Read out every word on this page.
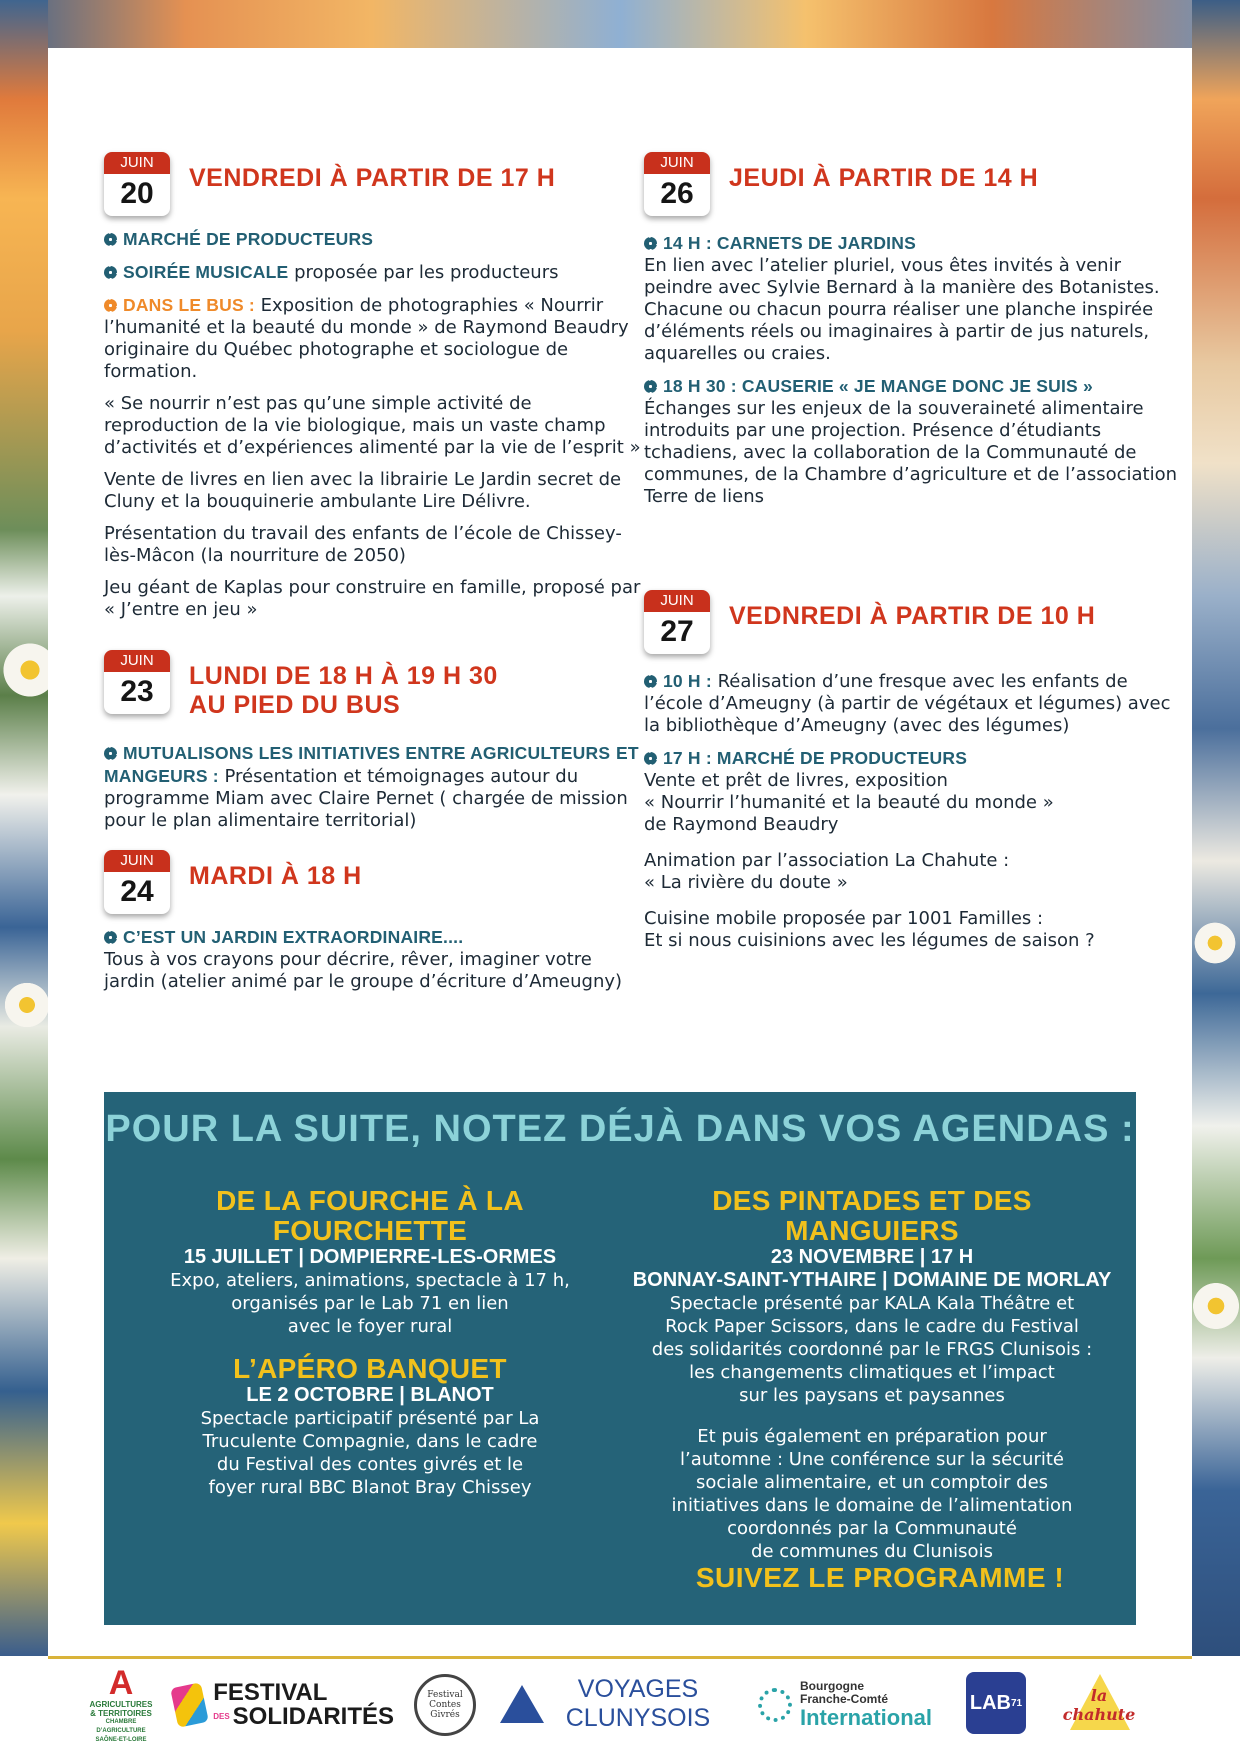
JUIN
20	VENDREDI À PARTIR DE 17 H

MARCHÉ DE PRODUCTEURS

SOIRÉE MUSICALE proposée par les producteurs

DANS LE BUS : Exposition de photographies « Nourrir l’humanité et la beauté du monde » de Raymond Beaudry originaire du Québec photographe et sociologue de formation.

« Se nourrir n’est pas qu’une simple activité de reproduction de la vie biologique, mais un vaste champ d’activités et d’expériences alimenté par la vie de l’esprit »

Vente de livres en lien avec la librairie Le Jardin secret de Cluny et la bouquinerie ambulante Lire Délivre.

Présentation du travail des enfants de l’école de Chissey-lès-Mâcon (la nourriture de 2050)

Jeu géant de Kaplas pour construire en famille, proposé par « J’entre en jeu »

JUIN
23	LUNDI DE 18 H À 19 H 30
AU PIED DU BUS

MUTUALISONS LES INITIATIVES ENTRE AGRICULTEURS ET MANGEURS : Présentation et témoignages autour du programme Miam avec Claire Pernet ( chargée de mission pour le plan alimentaire territorial)

JUIN
24	MARDI À 18 H

C’EST UN JARDIN EXTRAORDINAIRE....
Tous à vos crayons pour décrire, rêver, imaginer votre jardin (atelier animé par le groupe d’écriture d’Ameugny)

JUIN
26	JEUDI À PARTIR DE 14 H

14 H : CARNETS DE JARDINS
En lien avec l’atelier pluriel, vous êtes invités à venir peindre avec Sylvie Bernard à la manière des Botanistes. Chacune ou chacun pourra réaliser une planche inspirée d’éléments réels ou imaginaires à partir de jus naturels, aquarelles ou craies.

18 H 30 : CAUSERIE « JE MANGE DONC JE SUIS »
Échanges sur les enjeux de la souveraineté alimentaire introduits par une projection. Présence d’étudiants tchadiens, avec la collaboration de la Communauté de communes, de la Chambre d’agriculture et de l’association Terre de liens

JUIN
27	VEDNREDI À PARTIR DE 10 H

10 H : Réalisation d’une fresque avec les enfants de l’école d’Ameugny (à partir de végétaux et légumes) avec la bibliothèque d’Ameugny (avec des légumes)

17 H : MARCHÉ DE PRODUCTEURS
Vente et prêt de livres, exposition
« Nourrir l’humanité et la beauté du monde »
de Raymond Beaudry

Animation par l’association La Chahute :
« La rivière du doute »

Cuisine mobile proposée par 1001 Familles :
Et si nous cuisinions avec les légumes de saison ?

POUR LA SUITE, NOTEZ DÉJÀ DANS VOS AGENDAS :
DE LA FOURCHE À LA FOURCHETTE
15 JUILLET | DOMPIERRE-LES-ORMES
Expo, ateliers, animations, spectacle à 17 h,
organisés par le Lab 71 en lien
avec le foyer rural
L’APÉRO BANQUET
LE 2 OCTOBRE | BLANOT
Spectacle participatif présenté par La
Truculente Compagnie, dans le cadre
du Festival des contes givrés et le
foyer rural BBC Blanot Bray Chissey
DES PINTADES ET DES MANGUIERS
23 NOVEMBRE | 17 H
BONNAY-SAINT-YTHAIRE | DOMAINE DE MORLAY
Spectacle présenté par KALA Kala Théâtre et
Rock Paper Scissors, dans le cadre du Festival
des solidarités coordonné par le FRGS Clunisois :
les changements climatiques et l’impact
sur les paysans et paysannes
Et puis également en préparation pour
l’automne : Une conférence sur la sécurité
sociale alimentaire, et un comptoir des
initiatives dans le domaine de l’alimentation
coordonnés par la Communauté
de communes du Clunisois
SUIVEZ LE PROGRAMME !
A
AGRICULTURES
& TERRITOIRES
CHAMBRE D’AGRICULTURE
SAÔNE-ET-LOIRE
FESTIVAL
DES SOLIDARITÉS
Festival Contes Givrés
VOYAGES CLUNYSOIS
Bourgogne
Franche-Comté
International
LAB 71	la chahute
